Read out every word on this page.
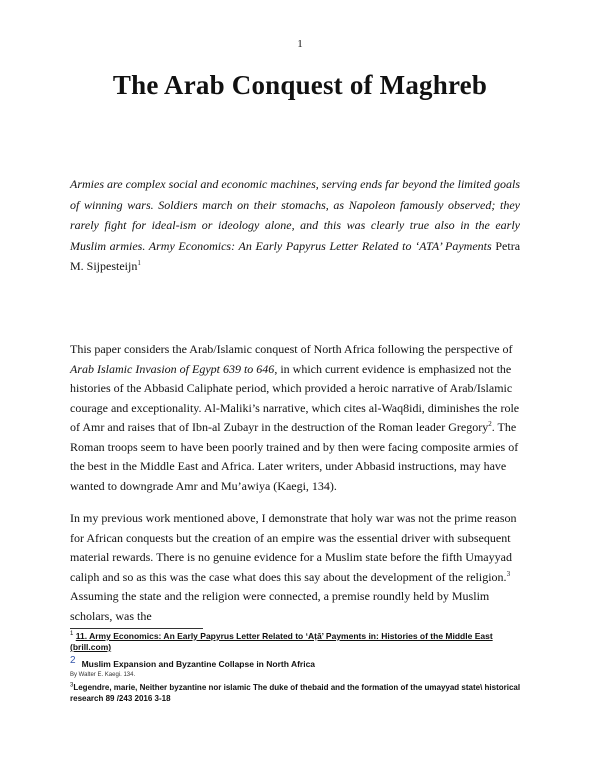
1
The Arab Conquest of Maghreb
Armies are complex social and economic machines, serving ends far beyond the limited goals of winning wars. Soldiers march on their stomachs, as Napoleon famously observed; they rarely fight for ideal-ism or ideology alone, and this was clearly true also in the early Muslim armies. Army Economics: An Early Papyrus Letter Related to ‘ATA’ Payments Petra M. Sijpesteijn$^1$

This paper considers the Arab/Islamic conquest of North Africa following the perspective of Arab Islamic Invasion of Egypt 639 to 646, in which current evidence is emphasized not the histories of the Abbasid Caliphate period, which provided a heroic narrative of Arab/Islamic courage and exceptionality. Al-Maliki’s narrative, which cites al-Waq8idi, diminishes the role of Amr and raises that of Ibn-al Zubayr in the destruction of the Roman leader Gregory$^2$. The Roman troops seem to have been poorly trained and by then were facing composite armies of the best in the Middle East and Africa. Later writers, under Abbasid instructions, may have wanted to downgrade Amr and Mu’awiya (Kaegi, 134).

In my previous work mentioned above, I demonstrate that holy war was not the prime reason for African conquests but the creation of an empire was the essential driver with subsequent material rewards. There is no genuine evidence for a Muslim state before the fifth Umayyad caliph and so as this was the case what does this say about the development of the religion.$^3$ Assuming the state and the religion were connected, a premise roundly held by Muslim scholars, was the

$^1$ 11. Army Economics: An Early Papyrus Letter Related to ‘Aṭā’ Payments in: Histories of the Middle East (brill.com)
2 Muslim Expansion and Byzantine Collapse in North Africa
By Walter E. Kaegi. 134.
$^3$Legendre, marie, Neither byzantine nor islamic The duke of thebaid and the formation of the umayyad state\ historical research 89 /243 2016 3-18
